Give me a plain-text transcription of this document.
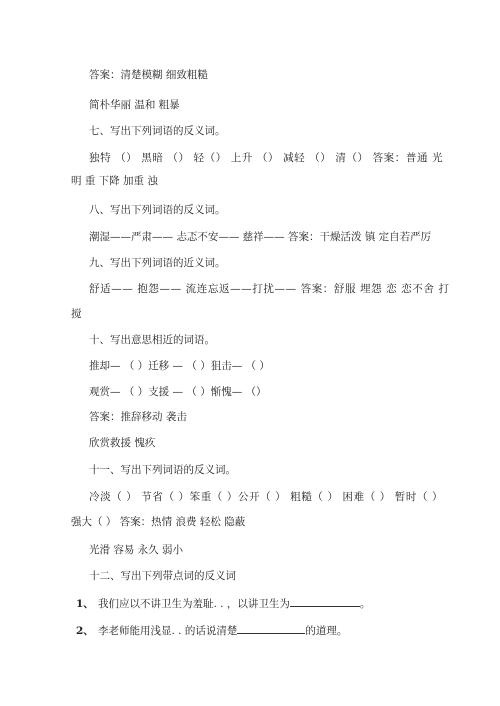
答案：清楚模糊 细致粗糙
简朴华丽 温和 粗暴
七、写出下列词语的反义词。
独特 （） 黑暗 （） 轻（） 上升 （） 减轻 （） 清（） 答案：普通 光
明 重 下降 加重 浊
八、写出下列词语的反义词。
潮湿——严肃—— 忐忑不安—— 慈祥—— 答案：干燥活泼 镇 定自若严厉
九、写出下列词语的近义词。
舒适—— 抱怨—— 流连忘返——打扰—— 答案：舒服 埋怨 恋 恋不舍 打
搅
十、写出意思相近的词语。
推却— （ ）迁移 — （ ）狙击— （ ）
观赏— （ ）支援 — （ ）惭愧— （）
答案：推辞移动 袭击
欣赏救援 愧疚
十一、写出下列词语的反义词。
冷淡（ ） 节省（ ）笨重（ ）公开（ ） 粗糙（ ） 困难（ ） 暂时（ ）
强大（ ） 答案：热情 浪费 轻松 隐蔽
光滑 容易 永久 弱小
十二、写出下列带点词的反义词
1、 我们应以不讲卫生为羞耻. . ，以讲卫生为	。
2、 李老师能用浅显. . 的话说清楚	的道理。
